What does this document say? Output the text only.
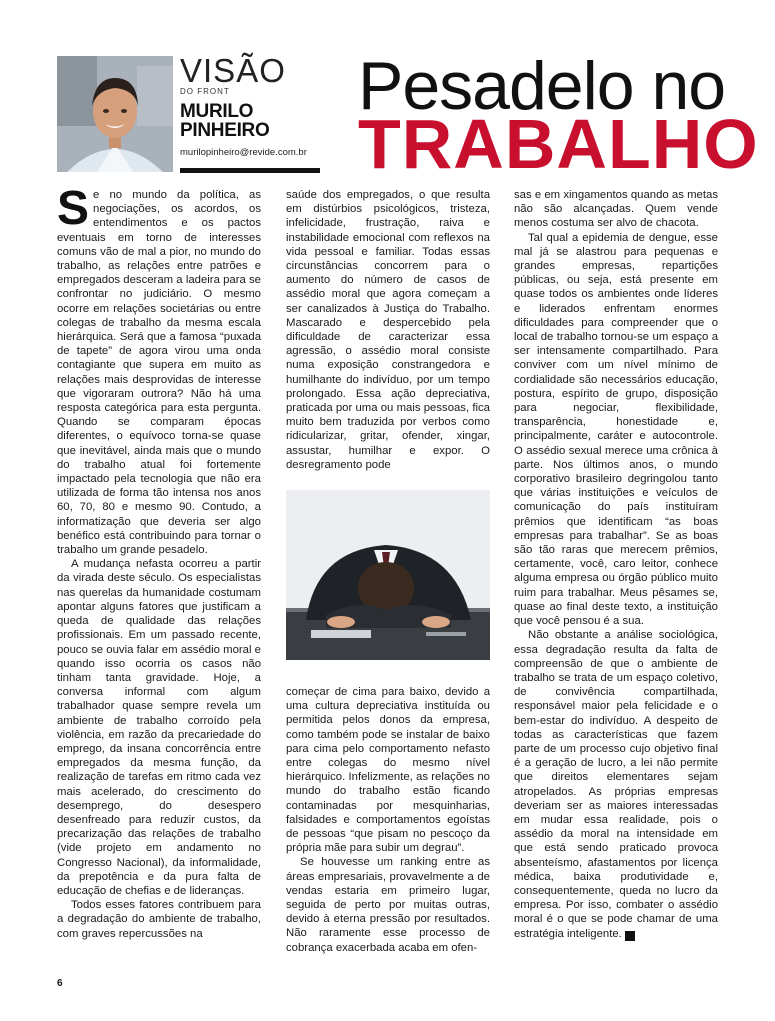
VISÃO
DO FRONT
MURILO
PINHEIRO
murilopinheiro@revide.com.br
Pesadelo no
TRABALHO

Se no mundo da política, as negociações, os acordos, os entendimentos e os pactos eventuais em torno de interesses comuns vão de mal a pior, no mundo do trabalho, as relações entre patrões e empregados desceram a ladeira para se confrontar no judiciário. O mesmo ocorre em relações societárias ou entre colegas de trabalho da mesma escala hierárquica. Será que a famosa “puxada de tapete” de agora virou uma onda contagiante que supera em muito as relações mais desprovidas de interesse que vigoraram outrora? Não há uma resposta categórica para esta pergunta. Quando se comparam épocas diferentes, o equívoco torna-se quase que inevitável, ainda mais que o mundo do trabalho atual foi fortemente impactado pela tecnologia que não era utilizada de forma tão intensa nos anos 60, 70, 80 e mesmo 90. Contudo, a informatização que deveria ser algo benéfico está contribuindo para tornar o trabalho um grande pesadelo.

A mudança nefasta ocorreu a partir da virada deste século. Os especialistas nas querelas da humanidade costumam apontar alguns fatores que justificam a queda de qualidade das relações profissionais. Em um passado recente, pouco se ouvia falar em assédio moral e quando isso ocorria os casos não tinham tanta gravidade. Hoje, a conversa informal com algum trabalhador quase sempre revela um ambiente de trabalho corroído pela violência, em razão da precariedade do emprego, da insana concorrência entre empregados da mesma função, da realização de tarefas em ritmo cada vez mais acelerado, do crescimento do desemprego, do desespero desenfreado para reduzir custos, da precarização das relações de trabalho (vide projeto em andamento no Congresso Nacional), da informalidade, da prepotência e da pura falta de educação de chefias e de lideranças.

Todos esses fatores contribuem para a degradação do ambiente de trabalho, com graves repercussões na

saúde dos empregados, o que resulta em distúrbios psicológicos, tristeza, infelicidade, frustração, raiva e instabilidade emocional com reflexos na vida pessoal e familiar. Todas essas circunstâncias concorrem para o aumento do número de casos de assédio moral que agora começam a ser canalizados à Justiça do Trabalho. Mascarado e despercebido pela dificuldade de caracterizar essa agressão, o assédio moral consiste numa exposição constrangedora e humilhante do indivíduo, por um tempo prolongado. Essa ação depreciativa, praticada por uma ou mais pessoas, fica muito bem traduzida por verbos como ridicularizar, gritar, ofender, xingar, assustar, humilhar e expor. O desregramento pode

começar de cima para baixo, devido a uma cultura depreciativa instituída ou permitida pelos donos da empresa, como também pode se instalar de baixo para cima pelo comportamento nefasto entre colegas do mesmo nível hierárquico. Infelizmente, as relações no mundo do trabalho estão ficando contaminadas por mesquinharias, falsidades e comportamentos egoístas de pessoas “que pisam no pescoço da própria mãe para subir um degrau”.

Se houvesse um ranking entre as áreas empresariais, provavelmente a de vendas estaria em primeiro lugar, seguida de perto por muitas outras, devido à eterna pressão por resultados. Não raramente esse processo de cobrança exacerbada acaba em ofen-

sas e em xingamentos quando as metas não são alcançadas. Quem vende menos costuma ser alvo de chacota.

Tal qual a epidemia de dengue, esse mal já se alastrou para pequenas e grandes empresas, repartições públicas, ou seja, está presente em quase todos os ambientes onde líderes e liderados enfrentam enormes dificuldades para compreender que o local de trabalho tornou-se um espaço a ser intensamente compartilhado. Para conviver com um nível mínimo de cordialidade são necessários educação, postura, espírito de grupo, disposição para negociar, flexibilidade, transparência, honestidade e, principalmente, caráter e autocontrole. O assédio sexual merece uma crônica à parte. Nos últimos anos, o mundo corporativo brasileiro degringolou tanto que várias instituições e veículos de comunicação do país instituíram prêmios que identificam “as boas empresas para trabalhar”. Se as boas são tão raras que merecem prêmios, certamente, você, caro leitor, conhece alguma empresa ou órgão público muito ruim para trabalhar. Meus pêsames se, quase ao final deste texto, a instituição que você pensou é a sua.

Não obstante a análise sociológica, essa degradação resulta da falta de compreensão de que o ambiente de trabalho se trata de um espaço coletivo, de convivência compartilhada, responsável maior pela felicidade e o bem-estar do indivíduo. A despeito de todas as características que fazem parte de um processo cujo objetivo final é a geração de lucro, a lei não permite que direitos elementares sejam atropelados. As próprias empresas deveriam ser as maiores interessadas em mudar essa realidade, pois o assédio da moral na intensidade em que está sendo praticado provoca absenteísmo, afastamentos por licença médica, baixa produtividade e, consequentemente, queda no lucro da empresa. Por isso, combater o assédio moral é o que se pode chamar de uma estratégia inteligente. r

6
